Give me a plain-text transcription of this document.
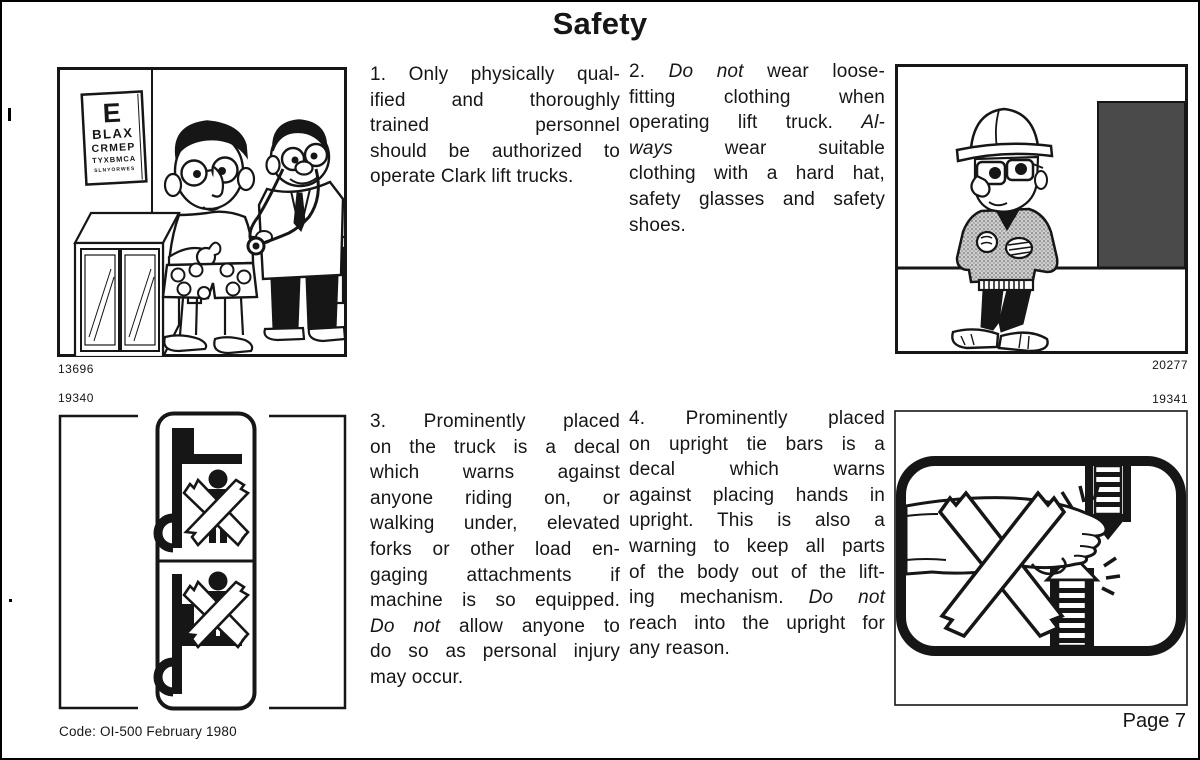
Safety
E
BLAX
CRMEP
TYXBMCA
SLNYORWES
13696	20277
19340	19341
1. Only physically qual-
ified and thoroughly
trained personnel
should be authorized to
operate Clark lift trucks.
2. Do not wear loose-
fitting clothing when
operating lift truck. Al-
ways wear suitable
clothing with a hard hat,
safety glasses and safety
shoes.
3. Prominently placed
on the truck is a decal
which warns against
anyone riding on, or
walking under, elevated
forks or other load en-
gaging attachments if
machine is so equipped.
Do not allow anyone to
do so as personal injury
may occur.
4. Prominently placed
on upright tie bars is a
decal which warns
against placing hands in
upright. This is also a
warning to keep all parts
of the body out of the lift-
ing mechanism. Do not
reach into the upright for
any reason.
Code: OI-500 February 1980	Page 7
